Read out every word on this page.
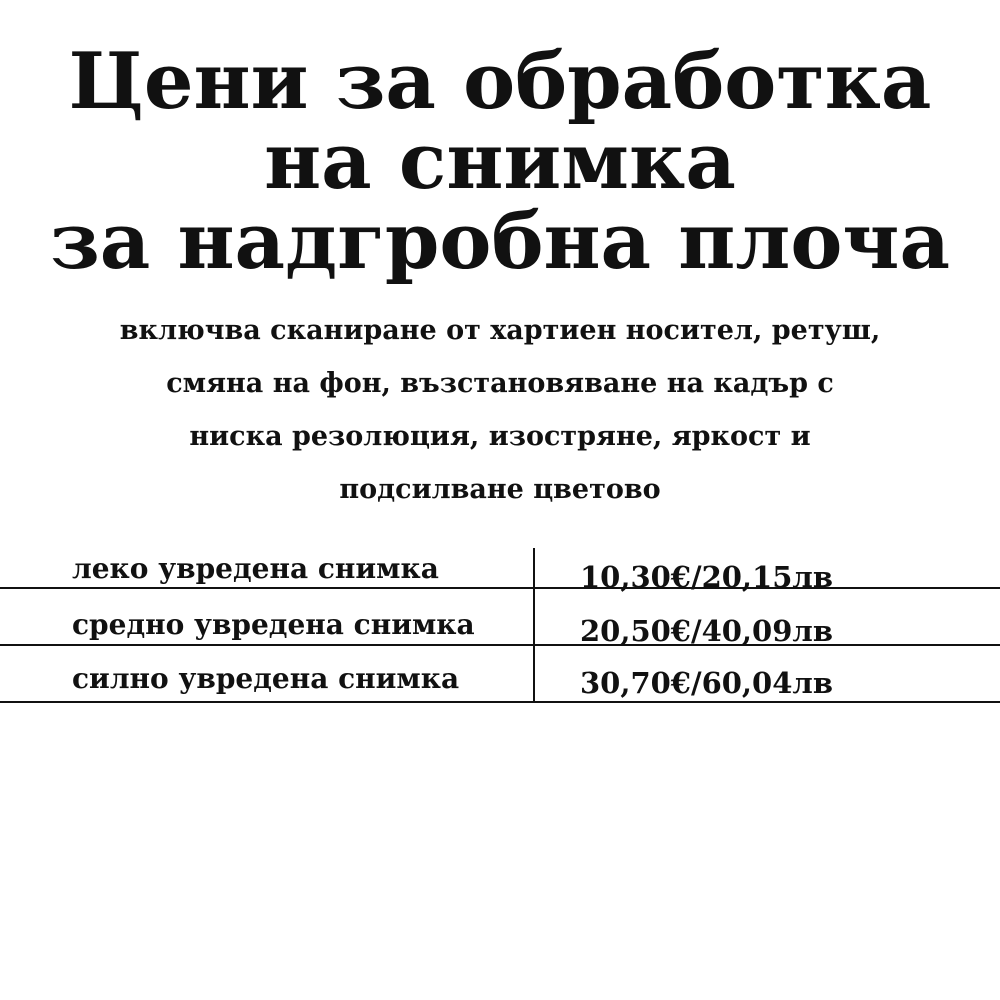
Цени за обработка
на снимка
за надгробна плоча
включва сканиране от хартиен носител, ретуш,
смяна на фон, възстановяване на кадър с
ниска резолюция, изостряне, яркост и
подсилване цветово
леко увредена снимка	10,30€/20,15лв
средно увредена снимка	20,50€/40,09лв
силно увредена снимка	30,70€/60,04лв
